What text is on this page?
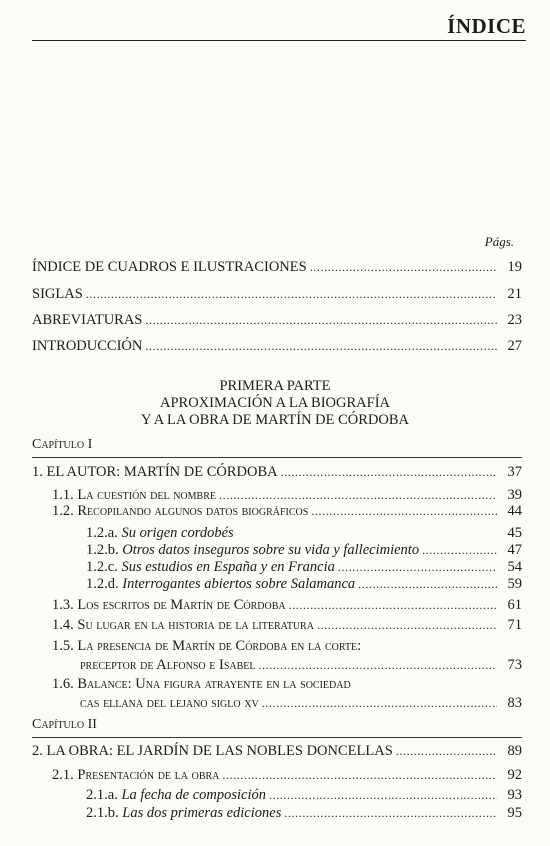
ÍNDICE
Págs.
ÍNDICE DE CUADROS E ILUSTRACIONES .....	19
SIGLAS .....	21
ABREVIATURAS .....	23
INTRODUCCIÓN .....	27
PRIMERA PARTE
APROXIMACIÓN A LA BIOGRAFÍA
Y A LA OBRA DE MARTÍN DE CÓRDOBA
Capítulo I
1. EL AUTOR: MARTÍN DE CÓRDOBA .....	37
1.1. La cuestión del nombre .....	39
1.2. Recopilando algunos datos biográficos .....	44
1.2.a. Su origen cordobés	45
1.2.b. Otros datos inseguros sobre su vida y fallecimiento .....	47
1.2.c. Sus estudios en España y en Francia .....	54
1.2.d. Interrogantes abiertos sobre Salamanca .....	59
1.3. Los escritos de Martín de Córdoba .....	61
1.4. Su lugar en la historia de la literatura .....	71
1.5.
La presencia de Martín de Córdoba en la corte:
preceptor de Alfonso e Isabel .....	73
1.6.
Balance: Una figura atrayente en la sociedad
cas ellana del lejano siglo xv .....	83
Capítulo II
2. LA OBRA: EL JARDÍN DE LAS NOBLES DONCELLAS .....	89
2.1. Presentación de la obra .....	92
2.1.a. La fecha de composición .....	93
2.1.b. Las dos primeras ediciones .....	95
